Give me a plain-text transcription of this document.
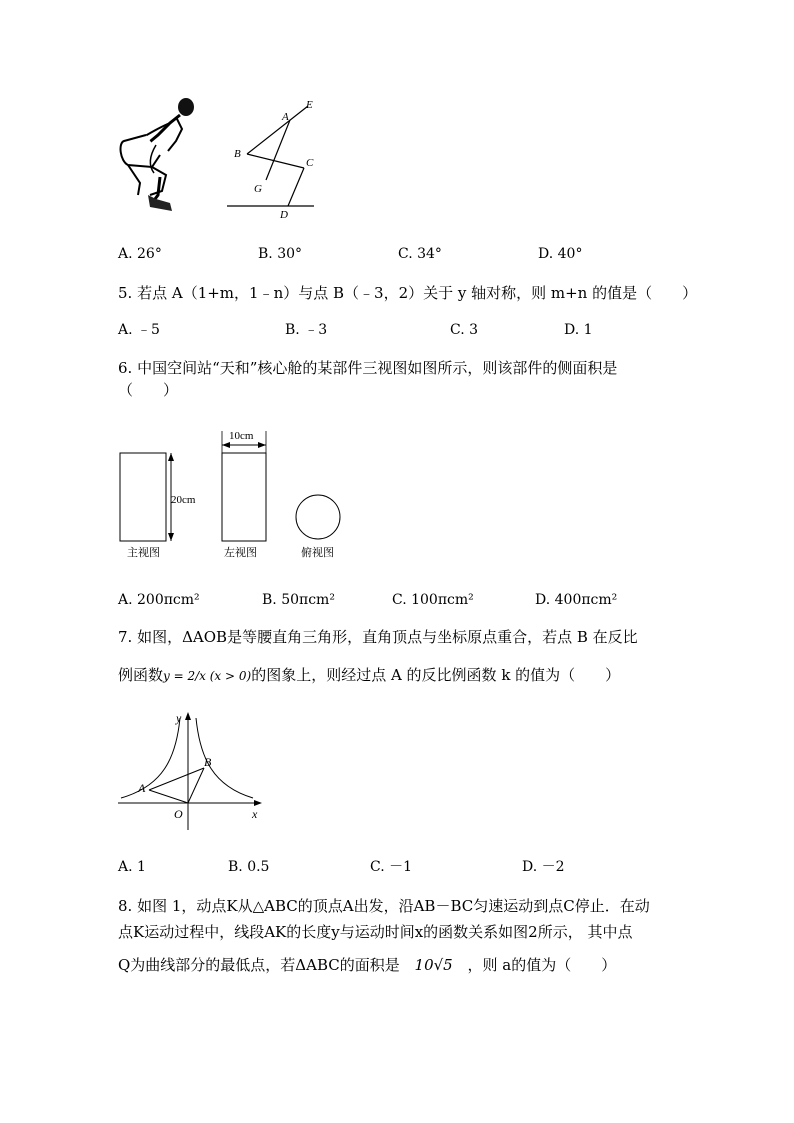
E
A
B
C
G
D
A. 26°	B. 30°	C. 34°	D. 40°
5. 若点 A（1+m，1﹣n）与点 B（﹣3，2）关于 y 轴对称，则 m+n 的值是（　　）
A. ﹣5	B. ﹣3	C. 3	D. 1
6. 中国空间站“天和”核心舱的某部件三视图如图所示，则该部件的侧面积是
（　　）
20cm
主视图
10cm
左视图	俯视图
A. 200πcm²	B. 50πcm²	C. 100πcm²	D. 400πcm²
7. 如图，ΔAOB是等腰直角三角形，直角顶点与坐标原点重合，若点 B 在反比
例函数y = 2/x (x > 0)的图象上，则经过点 A 的反比例函数 k 的值为（　　）
y
x
O
A
B
A. 1	B. 0.5	C. －1	D. －2
8. 如图 1，动点K从△ABC的顶点A出发，沿AB－BC匀速运动到点C停止．在动
点K运动过程中，线段AK的长度y与运动时间x的函数关系如图2所示， 其中点
Q为曲线部分的最低点，若ΔABC的面积是 10√5 ，则 a的值为（　　）
